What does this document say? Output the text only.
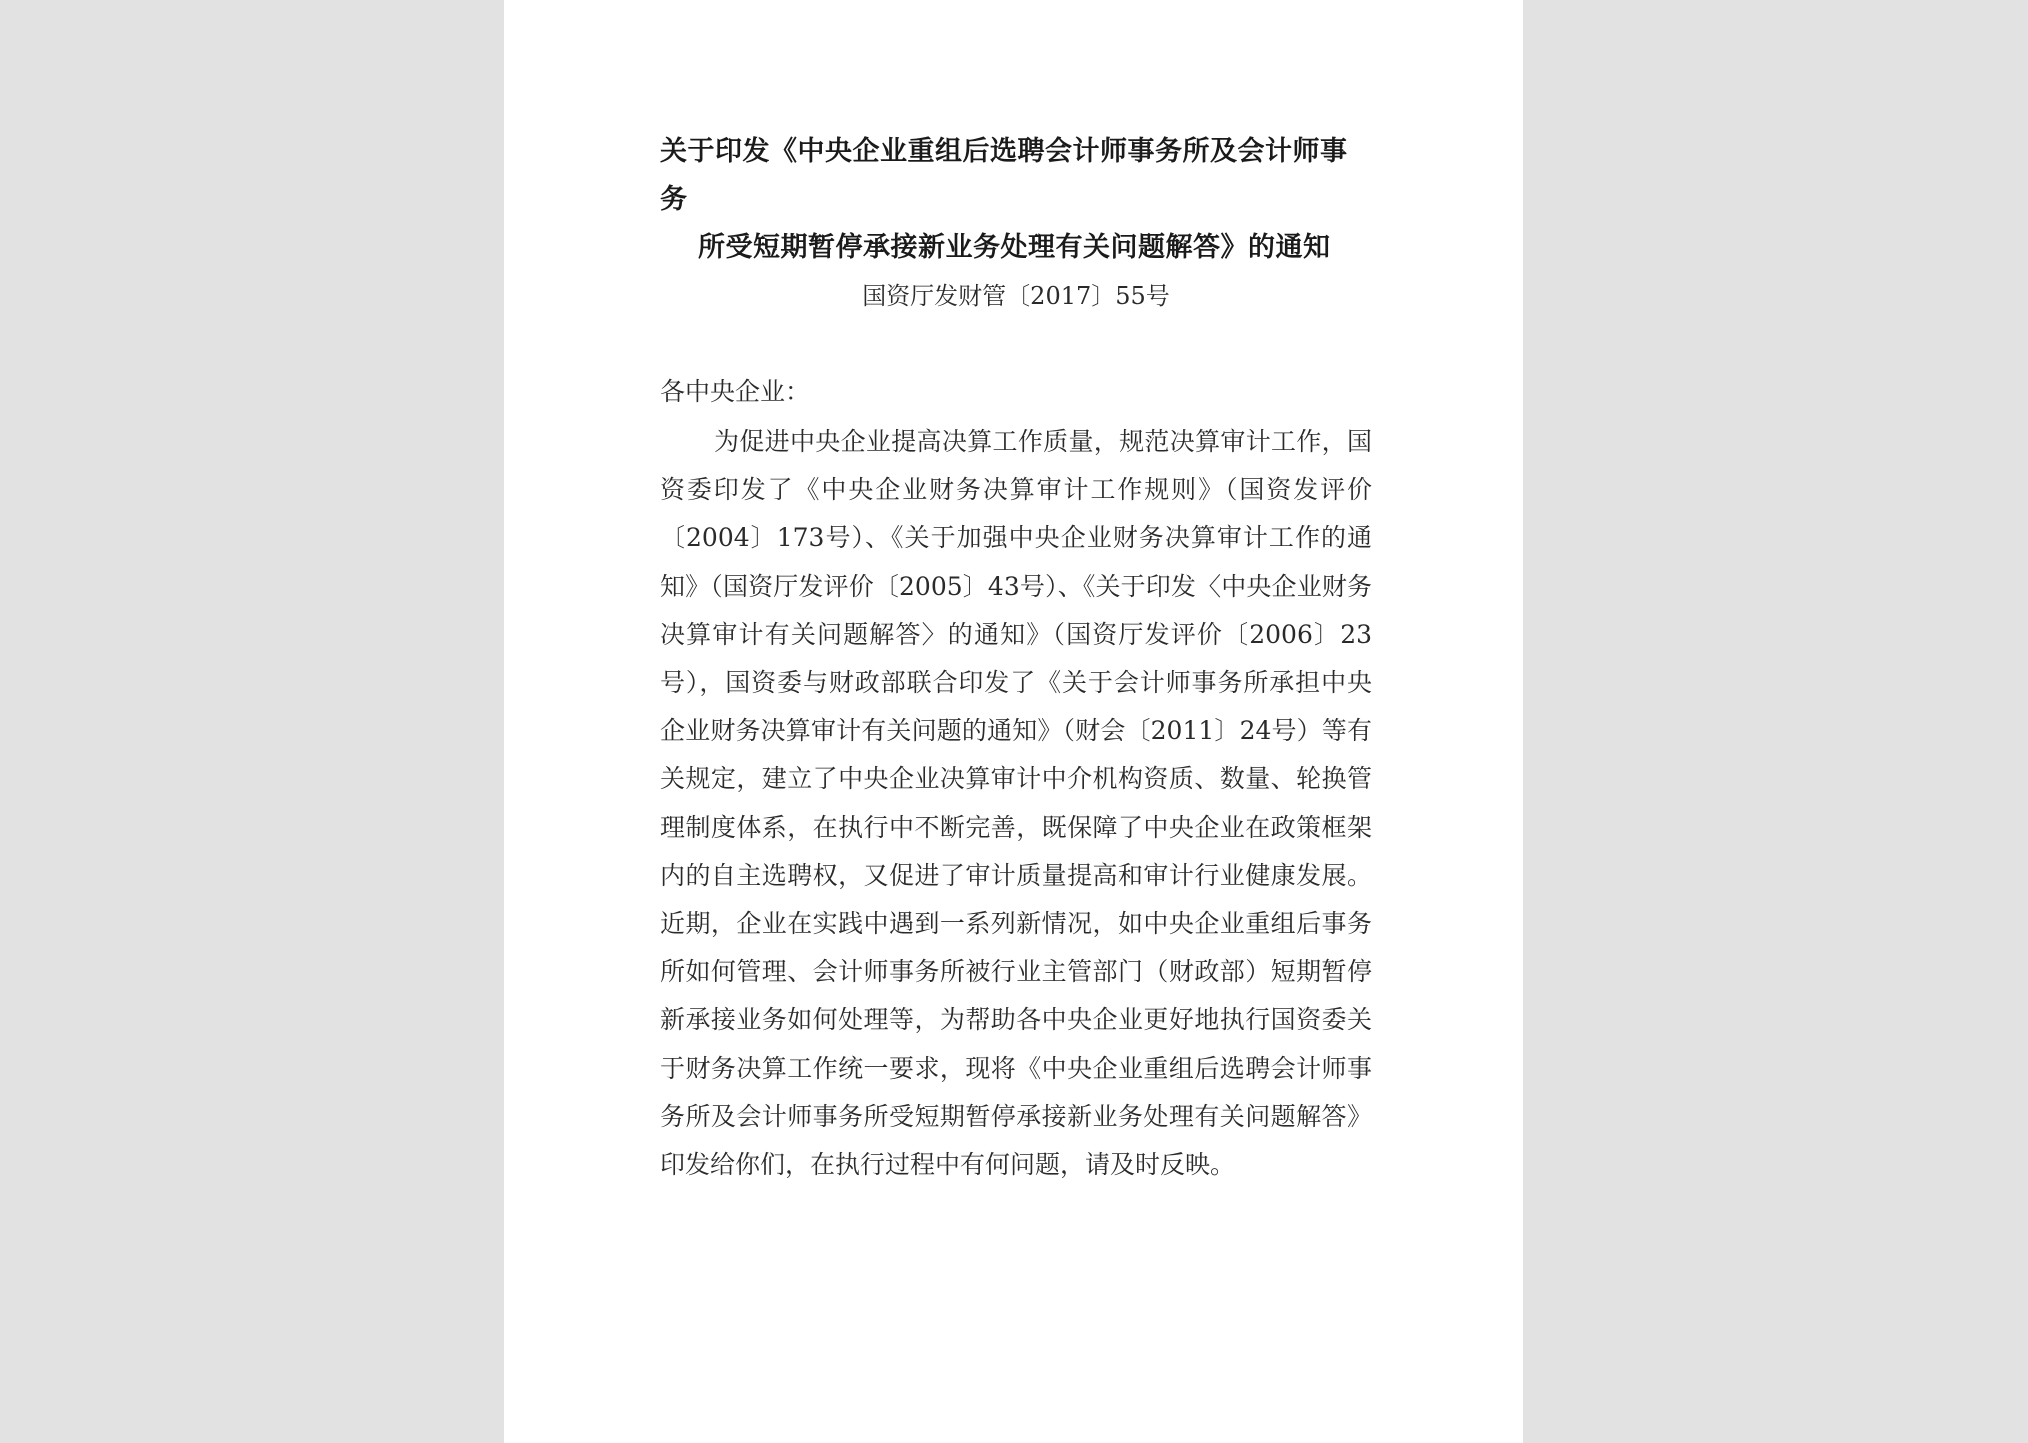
关于印发《中央企业重组后选聘会计师事务所及会计师事务
所受短期暂停承接新业务处理有关问题解答》的通知
国资厅发财管〔2017〕55号
各中央企业：

为促进中央企业提高决算工作质量，规范决算审计工作，国资委印发了《中央企业财务决算审计工作规则》（国资发评价〔2004〕173号）、《关于加强中央企业财务决算审计工作的通知》（国资厅发评价〔2005〕43号）、《关于印发〈中央企业财务决算审计有关问题解答〉的通知》（国资厅发评价〔2006〕23号），国资委与财政部联合印发了《关于会计师事务所承担中央企业财务决算审计有关问题的通知》（财会〔2011〕24号）等有关规定，建立了中央企业决算审计中介机构资质、数量、轮换管理制度体系，在执行中不断完善，既保障了中央企业在政策框架内的自主选聘权，又促进了审计质量提高和审计行业健康发展。近期，企业在实践中遇到一系列新情况，如中央企业重组后事务所如何管理、会计师事务所被行业主管部门（财政部）短期暂停新承接业务如何处理等，为帮助各中央企业更好地执行国资委关于财务决算工作统一要求，现将《中央企业重组后选聘会计师事务所及会计师事务所受短期暂停承接新业务处理有关问题解答》印发给你们，在执行过程中有何问题，请及时反映。
